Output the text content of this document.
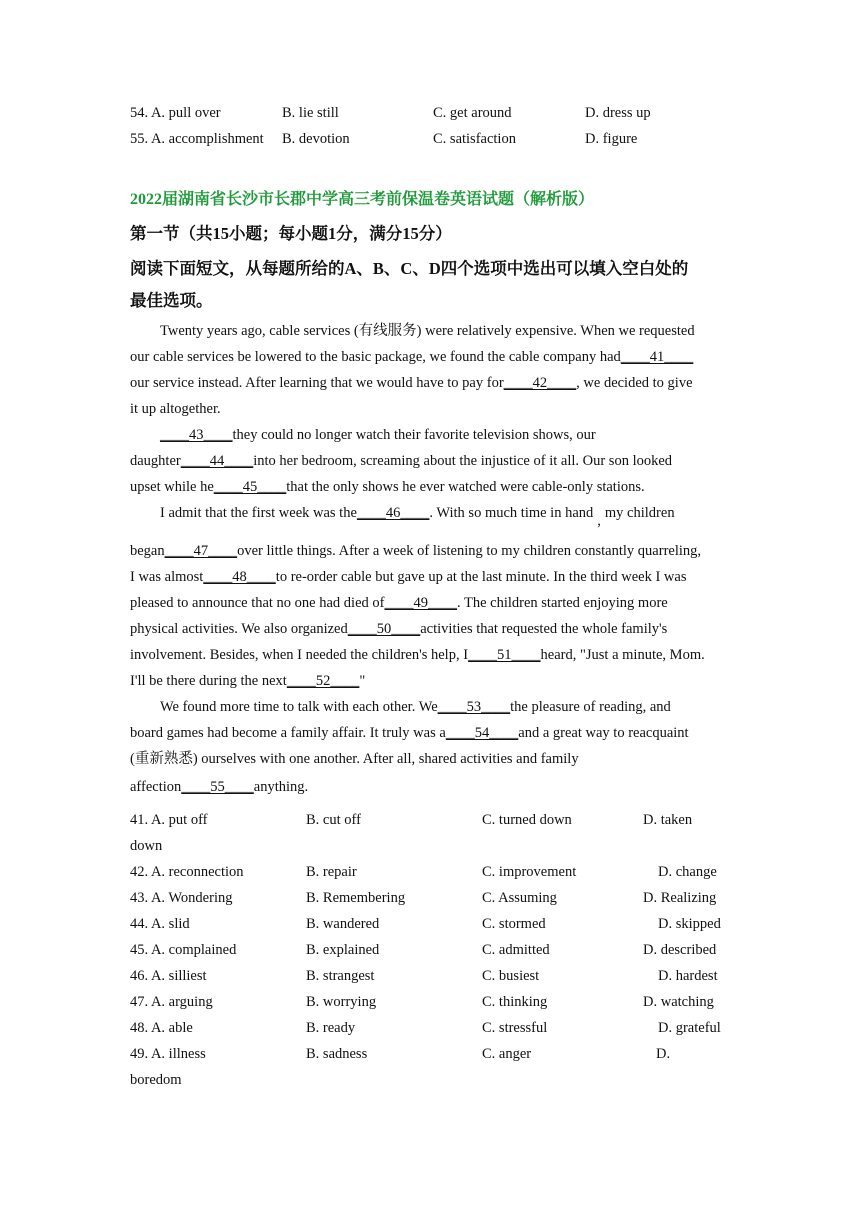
54. A. pull over	B. lie still	C. get around	D. dress up
55. A. accomplishment B. devotion	C. satisfaction	D. figure
2022届湖南省长沙市长郡中学高三考前保温卷英语试题（解析版）
第一节（共15小题；每小题1分，满分15分）
阅读下面短文，从每题所给的A、B、C、D四个选项中选出可以填入空白处的
最佳选项。
Twenty years ago, cable services (有线服务) were relatively expensive. When we requested
our cable services be lowered to the basic package, we found the cable company had____41____
our service instead. After learning that we would have to pay for____42____, we decided to give
it up altogether.
____43____they could no longer watch their favorite television shows, our
daughter____44____into her bedroom, screaming about the injustice of it all. Our son looked
upset while he____45____that the only shows he ever watched were cable-only stations.
I admit that the first week was the____46____. With so much time in hand , my children
began____47____over little things. After a week of listening to my children constantly quarreling,
I was almost____48____to re-order cable but gave up at the last minute. In the third week I was
pleased to announce that no one had died of____49____. The children started enjoying more
physical activities. We also organized____50____activities that requested the whole family's
involvement. Besides, when I needed the children's help, I____51____heard, "Just a minute, Mom.
I'll be there during the next____52____"
We found more time to talk with each other. We____53____the pleasure of reading, and
board games had become a family affair. It truly was a____54____and a great way to reacquaint
(重新熟悉) ourselves with one another. After all, shared activities and family
affection____55____anything.
41. A. put off	B. cut off	C. turned down	D. taken
down
42. A. reconnection	B. repair	C. improvement	D. change
43. A. Wondering	B. Remembering	C. Assuming	D. Realizing
44. A. slid	B. wandered	C. stormed	D. skipped
45. A. complained	B. explained	C. admitted	D. described
46. A. silliest	B. strangest	C. busiest	D. hardest
47. A. arguing	B. worrying	C. thinking	D. watching
48. A. able	B. ready	C. stressful	D. grateful
49. A. illness	B. sadness	C. anger	D.
boredom
